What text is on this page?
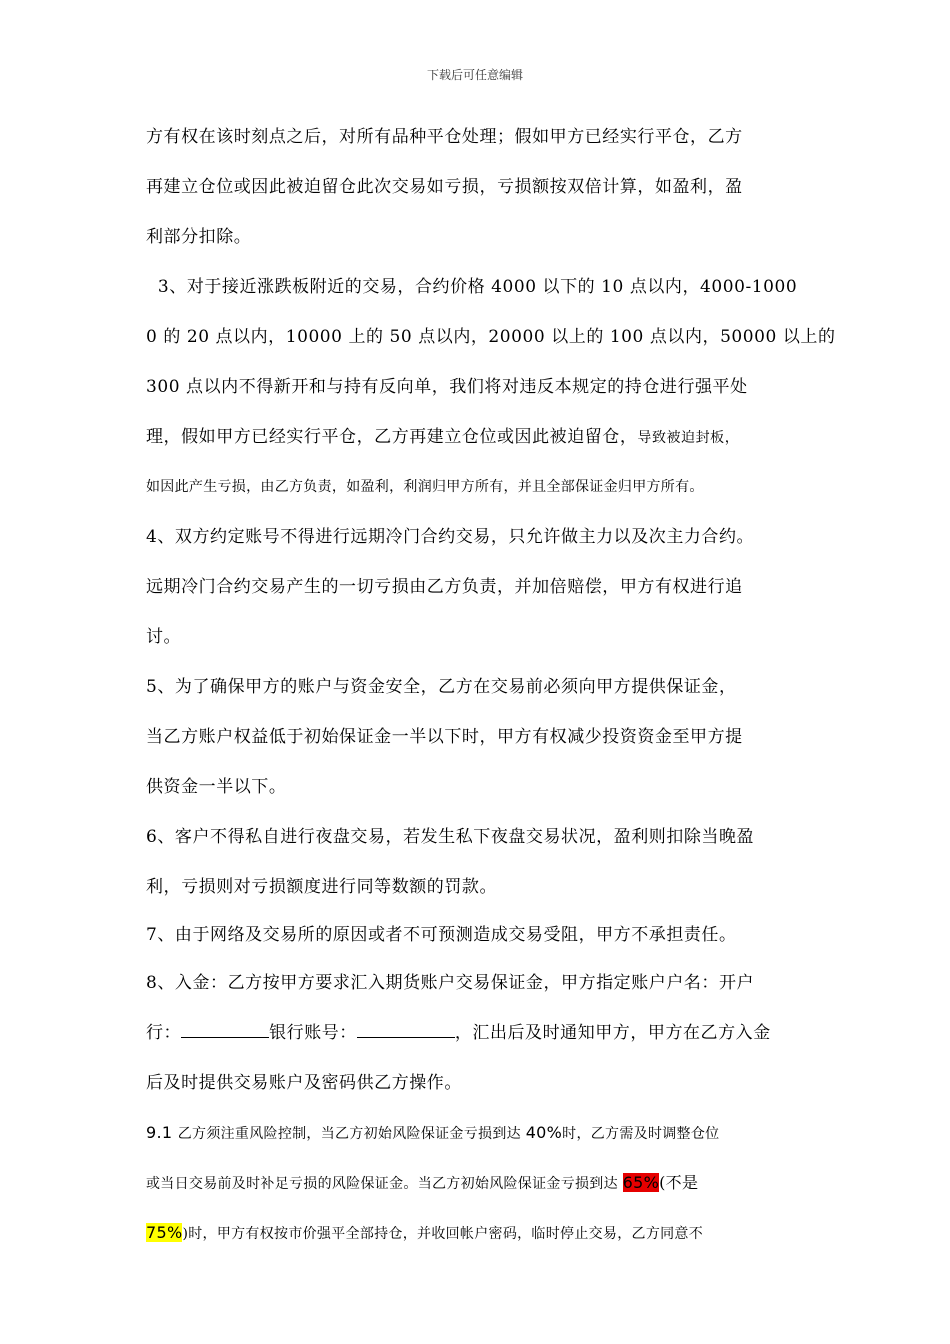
下载后可任意编辑
方有权在该时刻点之后，对所有品种平仓处理；假如甲方已经实行平仓，乙方
再建立仓位或因此被迫留仓此次交易如亏损，亏损额按双倍计算，如盈利，盈
利部分扣除。
3、对于接近涨跌板附近的交易，合约价格 4000 以下的 10 点以内，4000-1000
0 的 20 点以内，10000 上的 50 点以内，20000 以上的 100 点以内，50000 以上的
300 点以内不得新开和与持有反向单，我们将对违反本规定的持仓进行强平处
理，假如甲方已经实行平仓，乙方再建立仓位或因此被迫留仓，导致被迫封板，
如因此产生亏损，由乙方负责，如盈利，利润归甲方所有，并且全部保证金归甲方所有。
4、双方约定账号不得进行远期冷门合约交易，只允许做主力以及次主力合约。
远期冷门合约交易产生的一切亏损由乙方负责，并加倍赔偿，甲方有权进行追
讨。
5、为了确保甲方的账户与资金安全，乙方在交易前必须向甲方提供保证金，
当乙方账户权益低于初始保证金一半以下时，甲方有权减少投资资金至甲方提
供资金一半以下。
6、客户不得私自进行夜盘交易，若发生私下夜盘交易状况，盈利则扣除当晚盈
利，亏损则对亏损额度进行同等数额的罚款。
7、由于网络及交易所的原因或者不可预测造成交易受阻，甲方不承担责任。
8、入金：乙方按甲方要求汇入期货账户交易保证金，甲方指定账户户名：开户
行：	银行账号：	，汇出后及时通知甲方，甲方在乙方入金
后及时提供交易账户及密码供乙方操作。
9.1 乙方须注重风险控制，当乙方初始风险保证金亏损到达 40%时，乙方需及时调整仓位
或当日交易前及时补足亏损的风险保证金。当乙方初始风险保证金亏损到达 65%(不是
75%)时，甲方有权按市价强平全部持仓，并收回帐户密码，临时停止交易，乙方同意不
